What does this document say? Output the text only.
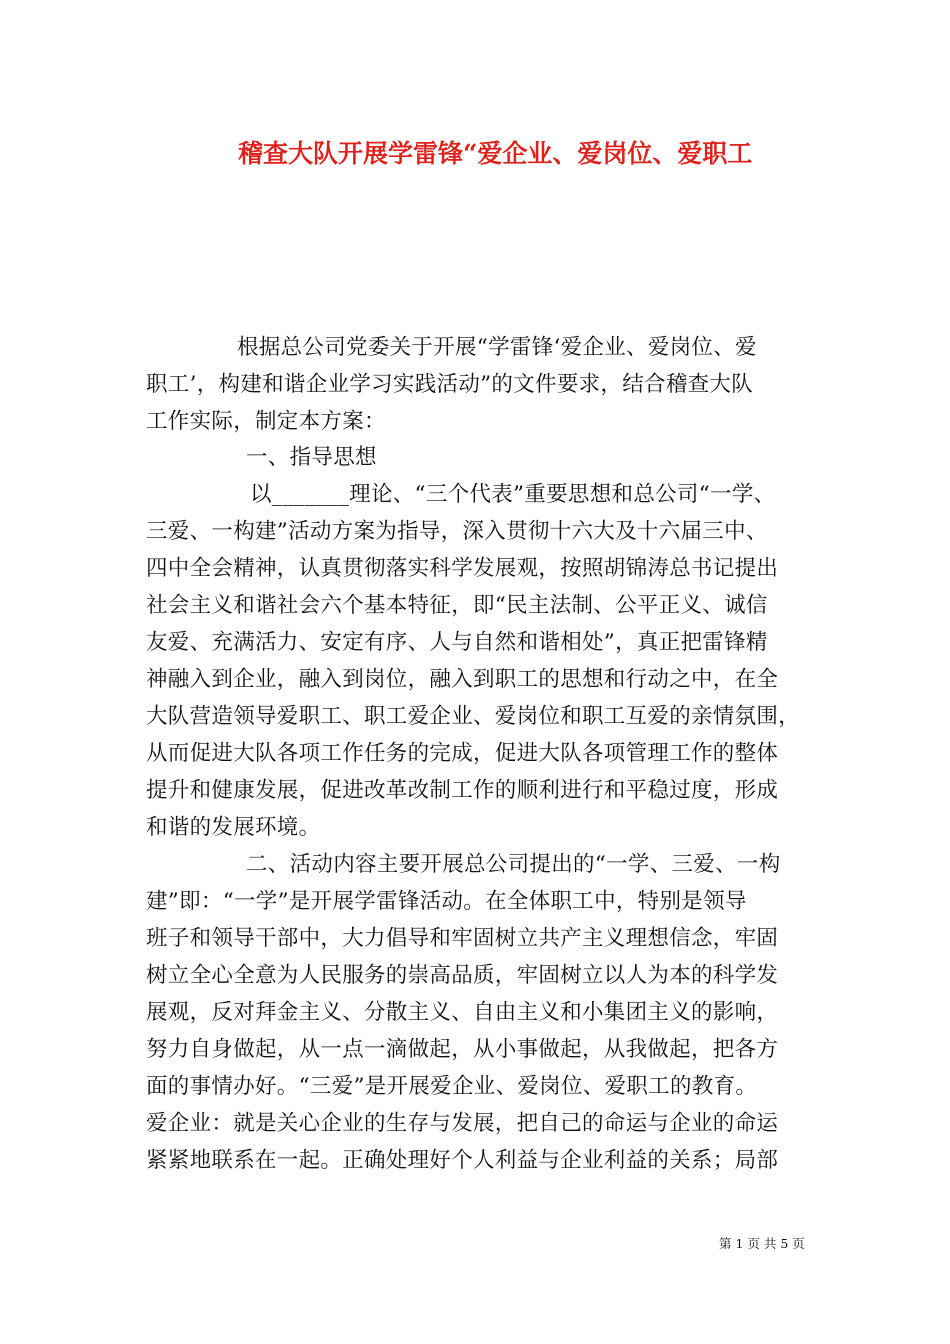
稽查大队开展学雷锋“爱企业、爱岗位、爱职工
根据总公司党委关于开展“学雷锋‘爱企业、爱岗位、爱
职工’，构建和谐企业学习实践活动”的文件要求，结合稽查大队
工作实际，制定本方案：
一、指导思想
以_______理论、“三个代表”重要思想和总公司“一学、
三爱、一构建”活动方案为指导，深入贯彻十六大及十六届三中、
四中全会精神，认真贯彻落实科学发展观，按照胡锦涛总书记提出
社会主义和谐社会六个基本特征，即“民主法制、公平正义、诚信
友爱、充满活力、安定有序、人与自然和谐相处”，真正把雷锋精
神融入到企业，融入到岗位，融入到职工的思想和行动之中，在全
大队营造领导爱职工、职工爱企业、爱岗位和职工互爱的亲情氛围，
从而促进大队各项工作任务的完成，促进大队各项管理工作的整体
提升和健康发展，促进改革改制工作的顺利进行和平稳过度，形成
和谐的发展环境。
二、活动内容主要开展总公司提出的“一学、三爱、一构
建”即：“一学”是开展学雷锋活动。在全体职工中，特别是领导
班子和领导干部中，大力倡导和牢固树立共产主义理想信念，牢固
树立全心全意为人民服务的崇高品质，牢固树立以人为本的科学发
展观，反对拜金主义、分散主义、自由主义和小集团主义的影响，
努力自身做起，从一点一滴做起，从小事做起，从我做起，把各方
面的事情办好。“三爱”是开展爱企业、爱岗位、爱职工的教育。
爱企业：就是关心企业的生存与发展，把自己的命运与企业的命运
紧紧地联系在一起。正确处理好个人利益与企业利益的关系；局部
第 1 页 共 5 页
